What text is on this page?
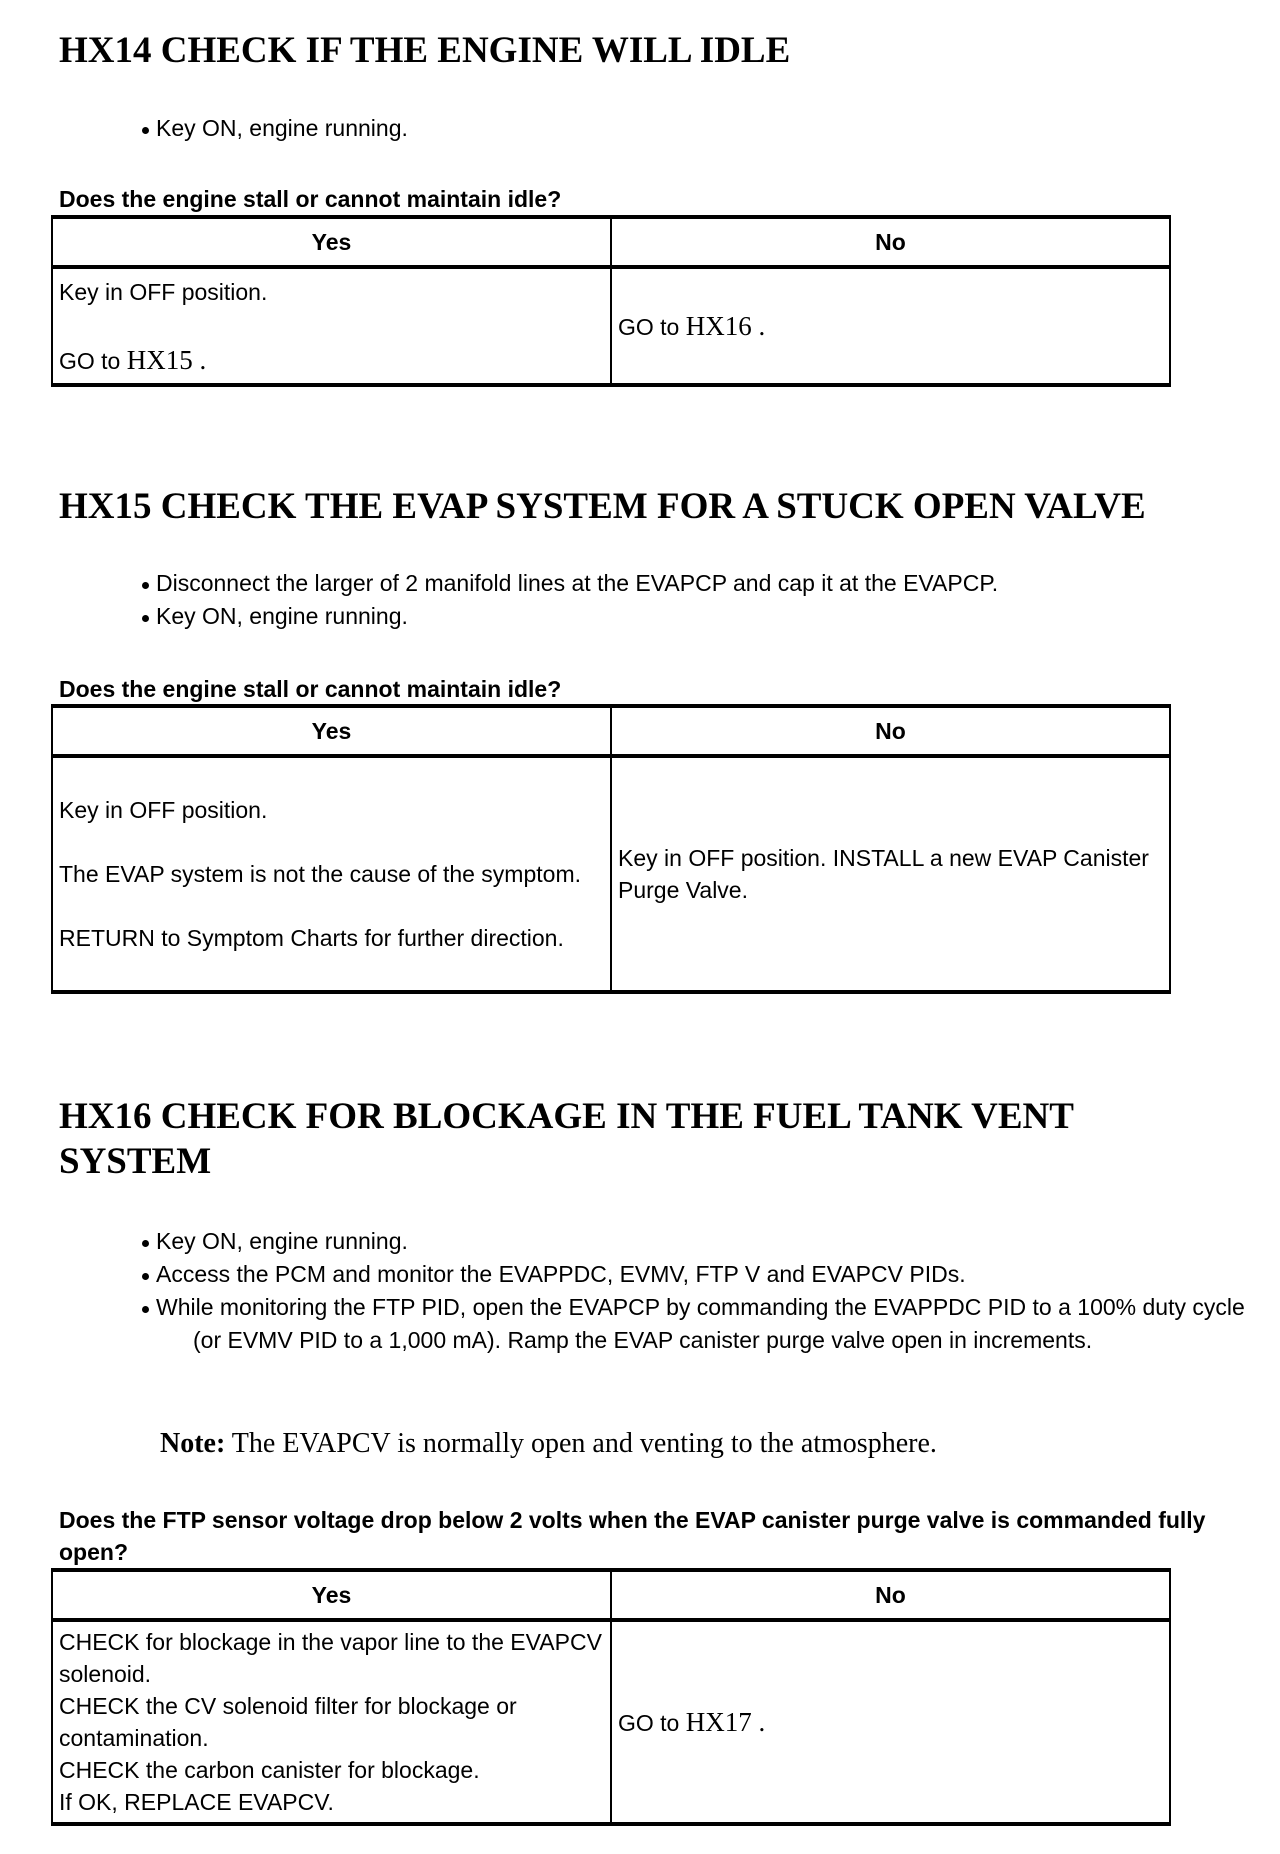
HX14 CHECK IF THE ENGINE WILL IDLE
Key ON, engine running.
Does the engine stall or cannot maintain idle?
Yes	No

Key in OFF position.

GO to HX15 .	GO to HX16 .

HX15 CHECK THE EVAP SYSTEM FOR A STUCK OPEN VALVE
Disconnect the larger of 2 manifold lines at the EVAPCP and cap it at the EVAPCP.
Key ON, engine running.
Does the engine stall or cannot maintain idle?
Yes	No

Key in OFF position.

The EVAP system is not the cause of the symptom.

RETURN to Symptom Charts for further direction.	Key in OFF position. INSTALL a new EVAP Canister Purge Valve.

HX16 CHECK FOR BLOCKAGE IN THE FUEL TANK VENT SYSTEM
Key ON, engine running.
Access the PCM and monitor the EVAPPDC, EVMV, FTP V and EVAPCV PIDs.
While monitoring the FTP PID, open the EVAPCP by commanding the EVAPPDC PID to a 100% duty cycle (or EVMV PID to a 1,000 mA). Ramp the EVAP canister purge valve open in increments.
Note: The EVAPCV is normally open and venting to the atmosphere.
Does the FTP sensor voltage drop below 2 volts when the EVAP canister purge valve is commanded fully open?
Yes	No

CHECK for blockage in the vapor line to the EVAPCV solenoid.

CHECK the CV solenoid filter for blockage or contamination.

CHECK the carbon canister for blockage.

If OK, REPLACE EVAPCV.	GO to HX17 .
